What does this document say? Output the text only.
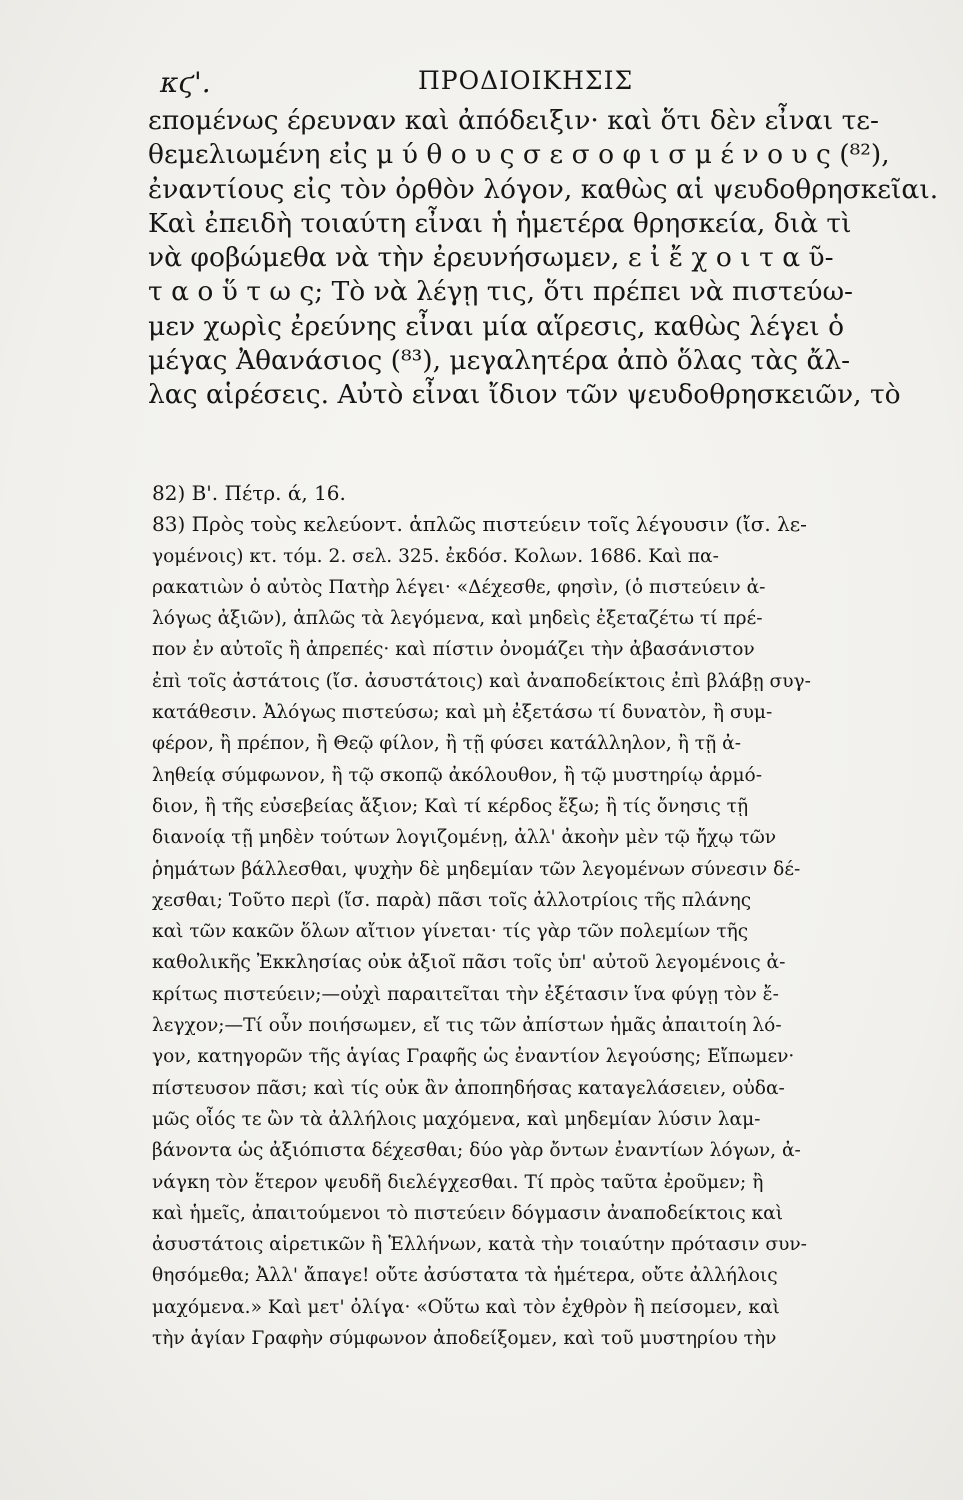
κϛ'.	ΠΡΟΔΙΟΙΚΗΣΙΣ
επομένως έρευναν καὶ ἀπόδειξιν· καὶ ὅτι δὲν εἶναι τε-
θεμελιωμένη εἰς μ ύ θ ο υ ς σ ε σ ο φ ι σ μ έ ν ο υ ς (⁸²),
ἐναντίους εἰς τὸν ὀρθὸν λόγον, καθὼς αἱ ψευδοθρησκεῖαι.
Καὶ ἐπειδὴ τοιαύτη εἶναι ἡ ἡμετέρα θρησκεία, διὰ τὶ
νὰ φοβώμεθα νὰ τὴν ἐρευνήσωμεν, ε ἰ ἔ χ ο ι τ α ῦ-
τ α ο ὕ τ ω ς; Τὸ νὰ λέγῃ τις, ὅτι πρέπει νὰ πιστεύω-
μεν χωρὶς ἐρεύνης εἶναι μία αἵρεσις, καθὼς λέγει ὁ
μέγας Ἀθανάσιος (⁸³), μεγαλητέρα ἀπὸ ὅλας τὰς ἄλ-
λας αἱρέσεις. Αὐτὸ εἶναι ἴδιον τῶν ψευδοθρησκειῶν, τὸ
82) Β'. Πέτρ. ά, 16.
83) Πρὸς τοὺς κελεύοντ. ἁπλῶς πιστεύειν τοῖς λέγουσιν (ἴσ. λε-
γομένοις) κτ. τόμ. 2. σελ. 325. ἐκδόσ. Κολων. 1686. Καὶ πα-
ρακατιὼν ὁ αὐτὸς Πατὴρ λέγει· «Δέχεσθε, φησὶν, (ὁ πιστεύειν ἀ-
λόγως ἀξιῶν), ἁπλῶς τὰ λεγόμενα, καὶ μηδεὶς ἐξεταζέτω τί πρέ-
πον ἐν αὐτοῖς ἢ ἀπρεπές· καὶ πίστιν ὀνομάζει τὴν ἀβασάνιστον
ἐπὶ τοῖς ἀστάτοις (ἴσ. ἀσυστάτοις) καὶ ἀναποδείκτοις ἐπὶ βλάβῃ συγ-
κατάθεσιν. Ἀλόγως πιστεύσω; καὶ μὴ ἐξετάσω τί δυνατὸν, ἢ συμ-
φέρον, ἢ πρέπον, ἢ Θεῷ φίλον, ἢ τῇ φύσει κατάλληλον, ἢ τῇ ἀ-
ληθείᾳ σύμφωνον, ἢ τῷ σκοπῷ ἀκόλουθον, ἢ τῷ μυστηρίῳ ἁρμό-
διον, ἢ τῆς εὐσεβείας ἄξιον; Καὶ τί κέρδος ἔξω; ἢ τίς ὄνησις τῇ
διανοίᾳ τῇ μηδὲν τούτων λογιζομένῃ, ἀλλ' ἀκοὴν μὲν τῷ ἤχῳ τῶν
ῥημάτων βάλλεσθαι, ψυχὴν δὲ μηδεμίαν τῶν λεγομένων σύνεσιν δέ-
χεσθαι; Τοῦτο περὶ (ἴσ. παρὰ) πᾶσι τοῖς ἀλλοτρίοις τῆς πλάνης
καὶ τῶν κακῶν ὅλων αἴτιον γίνεται· τίς γὰρ τῶν πολεμίων τῆς
καθολικῆς Ἐκκλησίας οὐκ ἀξιοῖ πᾶσι τοῖς ὑπ' αὐτοῦ λεγομένοις ἀ-
κρίτως πιστεύειν;—οὐχὶ παραιτεῖται τὴν ἐξέτασιν ἵνα φύγῃ τὸν ἔ-
λεγχον;—Τί οὖν ποιήσωμεν, εἴ τις τῶν ἀπίστων ἡμᾶς ἀπαιτοίη λό-
γον, κατηγορῶν τῆς ἁγίας Γραφῆς ὡς ἐναντίον λεγούσης; Εἴπωμεν·
πίστευσον πᾶσι; καὶ τίς οὐκ ἂν ἀποπηδήσας καταγελάσειεν, οὐδα-
μῶς οἷός τε ὢν τὰ ἀλλήλοις μαχόμενα, καὶ μηδεμίαν λύσιν λαμ-
βάνοντα ὡς ἀξιόπιστα δέχεσθαι; δύο γὰρ ὄντων ἐναντίων λόγων, ἀ-
νάγκη τὸν ἕτερον ψευδῆ διελέγχεσθαι. Τί πρὸς ταῦτα ἐροῦμεν; ἢ
καὶ ἡμεῖς, ἀπαιτούμενοι τὸ πιστεύειν δόγμασιν ἀναποδείκτοις καὶ
ἀσυστάτοις αἱρετικῶν ἢ Ἑλλήνων, κατὰ τὴν τοιαύτην πρότασιν συν-
θησόμεθα; Ἀλλ' ἄπαγε! οὔτε ἀσύστατα τὰ ἡμέτερα, οὔτε ἀλλήλοις
μαχόμενα.» Καὶ μετ' ὀλίγα· «Οὕτω καὶ τὸν ἐχθρὸν ἢ πείσομεν, καὶ
τὴν ἁγίαν Γραφὴν σύμφωνον ἀποδείξομεν, καὶ τοῦ μυστηρίου τὴν
